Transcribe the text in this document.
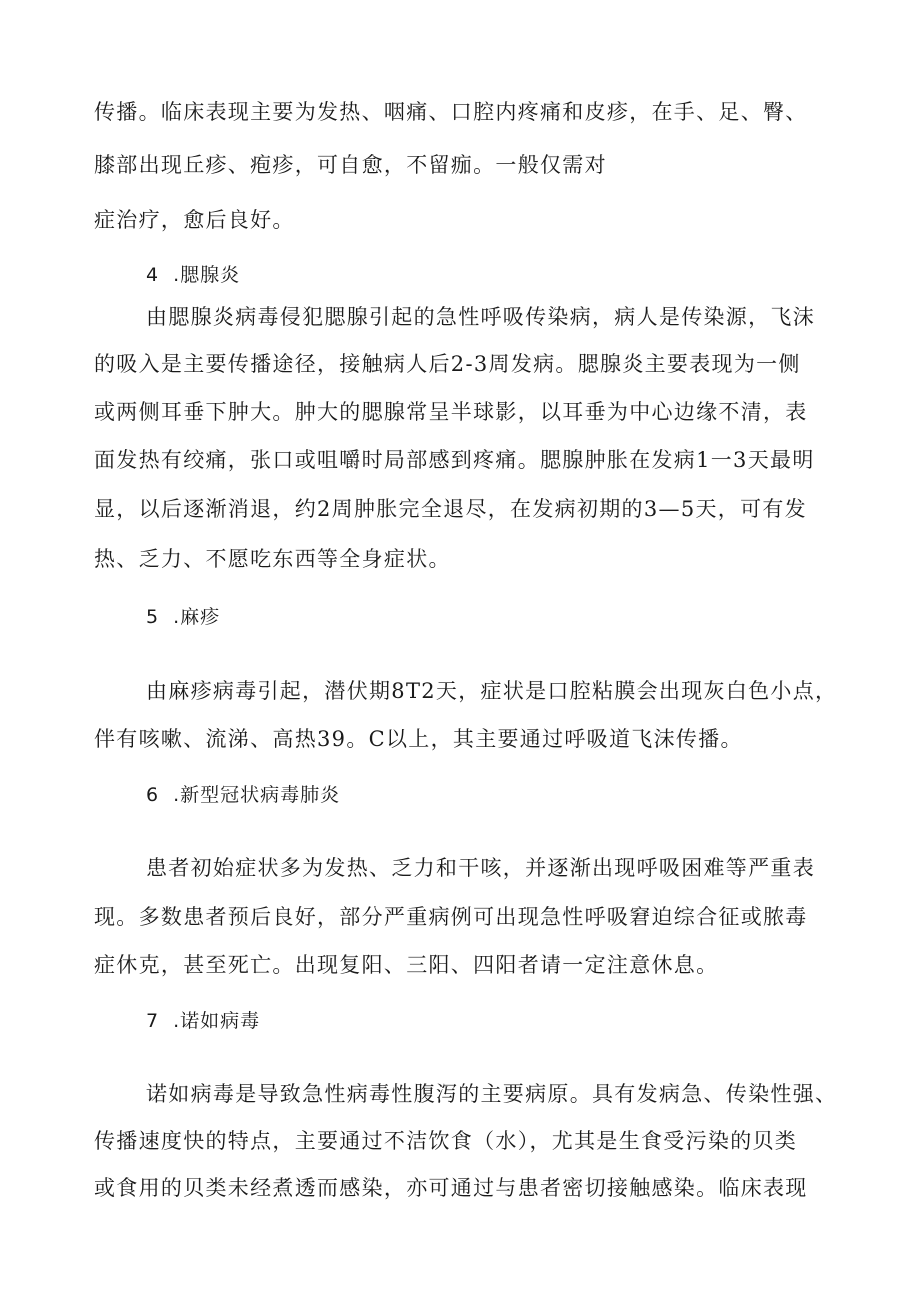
传播。临床表现主要为发热、咽痛、口腔内疼痛和皮疹，在手、足、臀、
膝部出现丘疹、疱疹，可自愈，不留痂。一般仅需对
症治疗，愈后良好。
4 .腮腺炎
由腮腺炎病毒侵犯腮腺引起的急性呼吸传染病，病人是传染源，飞沫
的吸入是主要传播途径，接触病人后2-3周发病。腮腺炎主要表现为一侧
或两侧耳垂下肿大。肿大的腮腺常呈半球影，以耳垂为中心边缘不清，表
面发热有绞痛，张口或咀嚼时局部感到疼痛。腮腺肿胀在发病1一3天最明
显，以后逐渐消退，约2周肿胀完全退尽，在发病初期的3—5天，可有发
热、乏力、不愿吃东西等全身症状。
5 .麻疹
由麻疹病毒引起，潜伏期8T2天，症状是口腔粘膜会出现灰白色小点，
伴有咳嗽、流涕、高热39。C以上，其主要通过呼吸道飞沫传播。
6 .新型冠状病毒肺炎
患者初始症状多为发热、乏力和干咳，并逐渐出现呼吸困难等严重表
现。多数患者预后良好，部分严重病例可出现急性呼吸窘迫综合征或脓毒
症休克，甚至死亡。出现复阳、三阳、四阳者请一定注意休息。
7 .诺如病毒
诺如病毒是导致急性病毒性腹泻的主要病原。具有发病急、传染性强、
传播速度快的特点，主要通过不洁饮食（水），尤其是生食受污染的贝类
或食用的贝类未经煮透而感染，亦可通过与患者密切接触感染。临床表现
